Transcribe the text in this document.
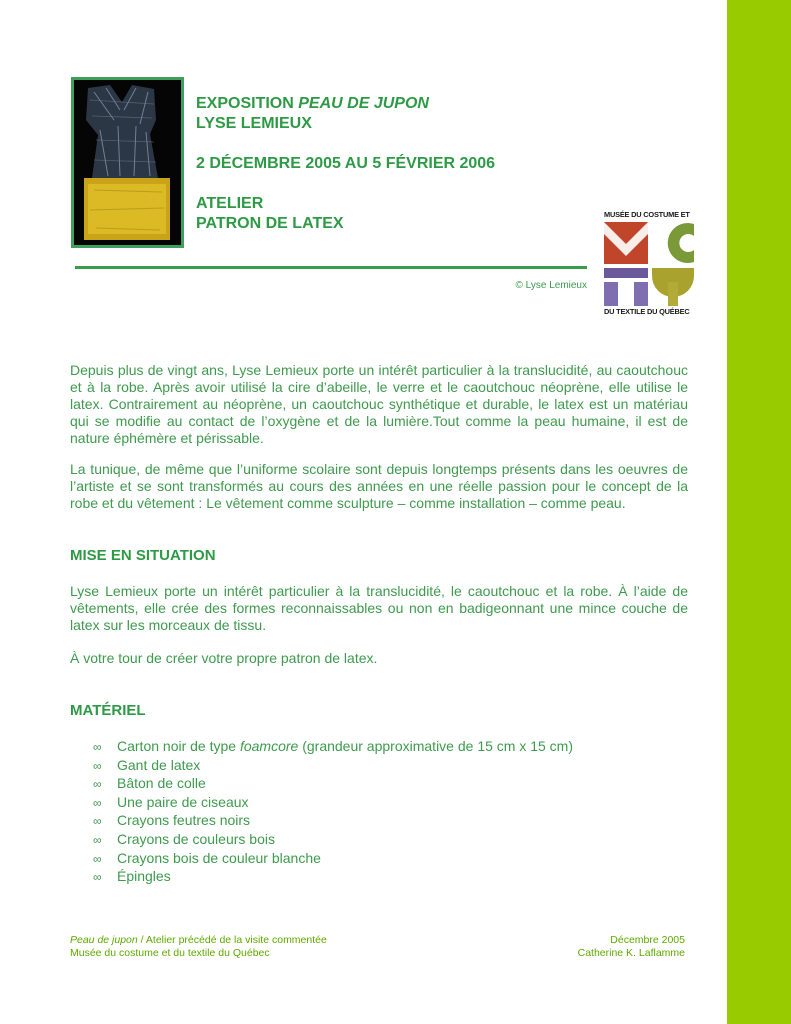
EXPOSITION PEAU DE JUPON
LYSE LEMIEUX
2 DÉCEMBRE 2005 AU 5 FÉVRIER 2006
ATELIER
PATRON DE LATEX
© Lyse Lemieux
MUSÉE DU COSTUME ET
DU TEXTILE DU QUÉBEC

Depuis plus de vingt ans, Lyse Lemieux porte un intérêt particulier à la translucidité, au caoutchouc et à la robe. Après avoir utilisé la cire d’abeille, le verre et le caoutchouc néoprène, elle utilise le latex. Contrairement au néoprène, un caoutchouc synthétique et durable, le latex est un matériau qui se modifie au contact de l’oxygène et de la lumière.Tout comme la peau humaine, il est de nature éphémère et périssable.

La tunique, de même que l’uniforme scolaire sont depuis longtemps présents dans les oeuvres de l’artiste et se sont transformés au cours des années en une réelle passion pour le concept de la robe et du vêtement : Le vêtement comme sculpture – comme installation – comme peau.

MISE EN SITUATION

Lyse Lemieux porte un intérêt particulier à la translucidité, le caoutchouc et la robe. À l’aide de vêtements, elle crée des formes reconnaissables ou non en badigeonnant une mince couche de latex sur les morceaux de tissu.

À votre tour de créer votre propre patron de latex.

MATÉRIEL
∞ Carton noir de type foamcore (grandeur approximative de 15 cm x 15 cm)
∞ Gant de latex
∞ Bâton de colle
∞ Une paire de ciseaux
∞ Crayons feutres noirs
∞ Crayons de couleurs bois
∞ Crayons bois de couleur blanche
∞ Épingles
Peau de jupon / Atelier précédé de la visite commentée
Musée du costume et du textile du Québec
Décembre 2005
Catherine K. Laflamme
